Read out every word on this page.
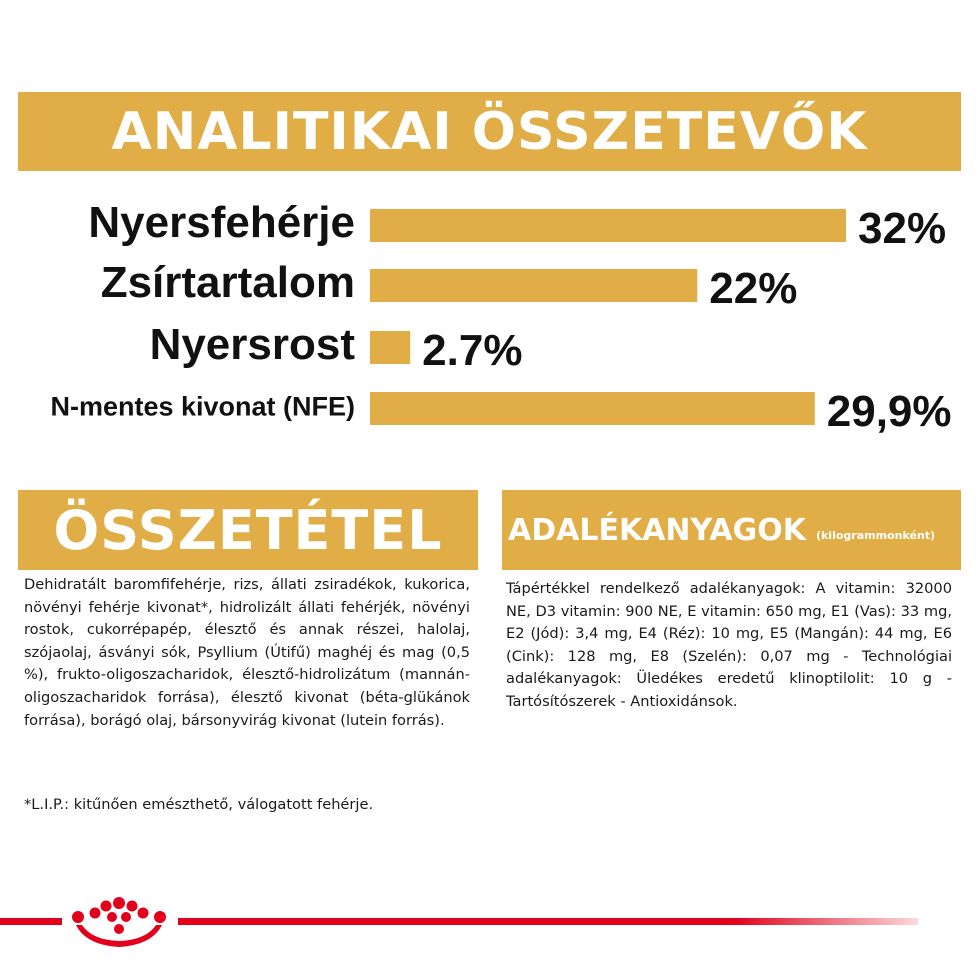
ANALITIKAI ÖSSZETEVŐK
Nyersfehérje	32%
Zsírtartalom	22%
Nyersrost 2.7%
N-mentes kivonat (NFE)	29,9%
ÖSSZETÉTEL
Dehidratált baromfifehérje, rizs, állati zsiradékok, kukorica, növényi fehérje kivonat*, hidrolizált állati fehérjék, növényi rostok, cukorrépapép, élesztő és annak részei, halolaj, szójaolaj, ásványi sók, Psyllium (Útifű) maghéj és mag (0,5 %), frukto-oligoszacharidok, élesztő-hidrolizátum (mannán-oligoszacharidok forrása), élesztő kivonat (béta-glükánok forrása), borágó olaj, bársonyvirág kivonat (lutein forrás).
*L.I.P.: kitűnően emészthető, válogatott fehérje.
ADALÉKANYAGOK (kilogrammonként)
Tápértékkel rendelkező adalékanyagok: A vitamin: 32000 NE, D3 vitamin: 900 NE, E vitamin: 650 mg, E1 (Vas): 33 mg, E2 (Jód): 3,4 mg, E4 (Réz): 10 mg, E5 (Mangán): 44 mg, E6 (Cink): 128 mg, E8 (Szelén): 0,07 mg - Technológiai adalékanyagok: Üledékes eredetű klinoptilolit: 10 g - Tartósítószerek - Antioxidánsok.
